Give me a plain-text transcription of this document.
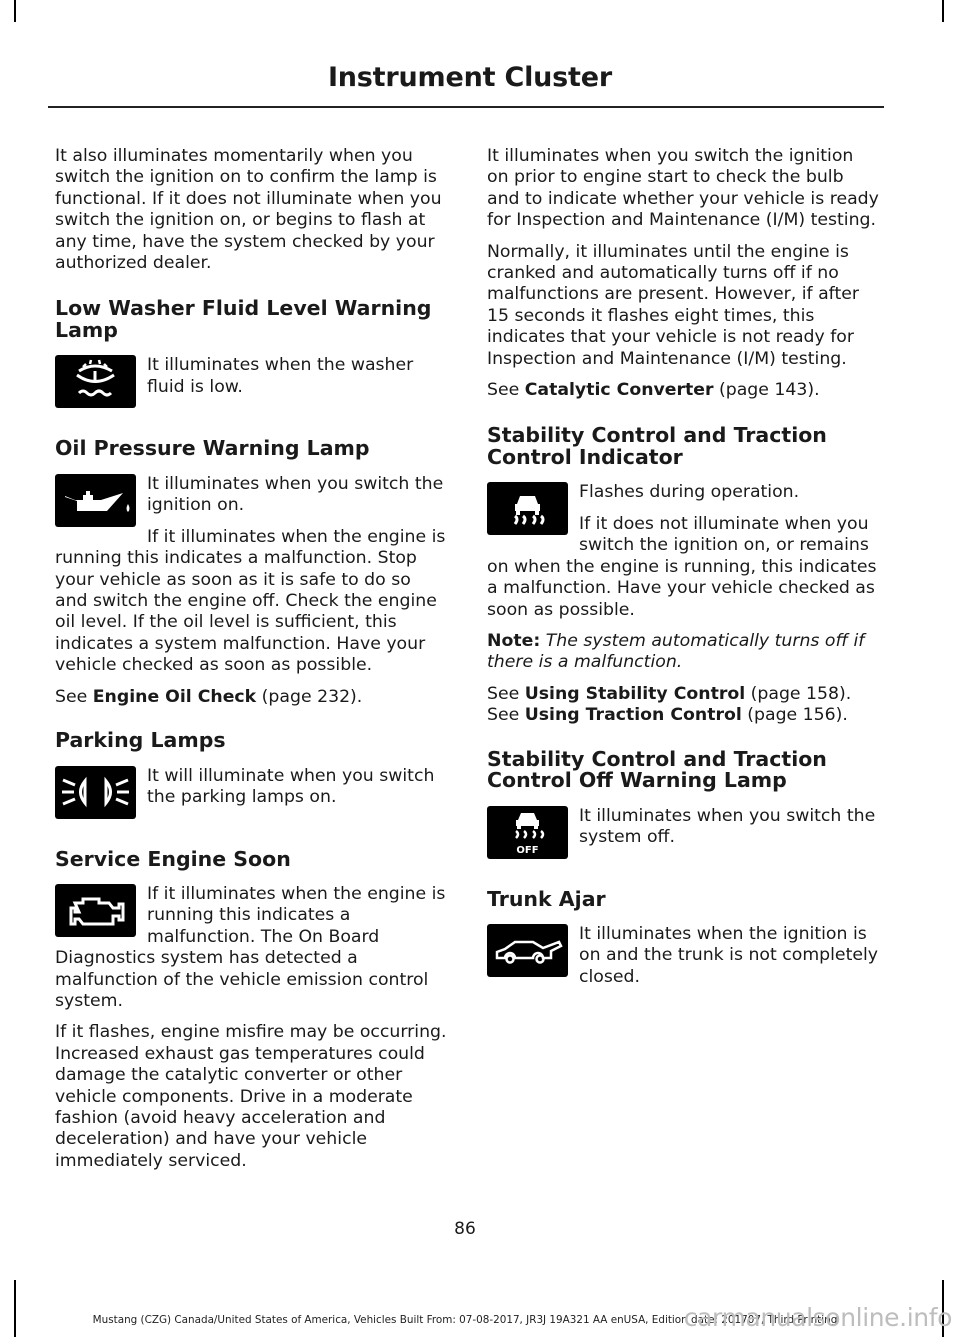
Instrument Cluster

It also illuminates momentarily when you switch the ignition on to confirm the lamp is functional. If it does not illuminate when you switch the ignition on, or begins to flash at any time, have the system checked by your authorized dealer.

Low Washer Fluid Level Warning Lamp

It illuminates when the washer fluid is low.

Oil Pressure Warning Lamp

It illuminates when you switch the ignition on.

If it illuminates when the engine is running this indicates a malfunction. Stop your vehicle as soon as it is safe to do so and switch the engine off. Check the engine oil level. If the oil level is sufficient, this indicates a system malfunction. Have your vehicle checked as soon as possible.

See Engine Oil Check (page 232).

Parking Lamps

It will illuminate when you switch the parking lamps on.

Service Engine Soon

If it illuminates when the engine is running this indicates a malfunction. The On Board Diagnostics system has detected a malfunction of the vehicle emission control system.

If it flashes, engine misfire may be occurring. Increased exhaust gas temperatures could damage the catalytic converter or other vehicle components. Drive in a moderate fashion (avoid heavy acceleration and deceleration) and have your vehicle immediately serviced.

It illuminates when you switch the ignition on prior to engine start to check the bulb and to indicate whether your vehicle is ready for Inspection and Maintenance (I/M) testing.

Normally, it illuminates until the engine is cranked and automatically turns off if no malfunctions are present. However, if after 15 seconds it flashes eight times, this indicates that your vehicle is not ready for Inspection and Maintenance (I/M) testing.

See Catalytic Converter (page 143).

Stability Control and Traction Control Indicator

Flashes during operation.

If it does not illuminate when you switch the ignition on, or remains on when the engine is running, this indicates a malfunction. Have your vehicle checked as soon as possible.

Note: The system automatically turns off if there is a malfunction.

See Using Stability Control (page 158).
See Using Traction Control (page 156).

Stability Control and Traction Control Off Warning Lamp
OFF

It illuminates when you switch the system off.

Trunk Ajar

It illuminates when the ignition is on and the trunk is not completely closed.

86
Mustang (CZG) Canada/United States of America, Vehicles Built From: 07-08-2017, JR3J 19A321 AA enUSA, Edition date: 201707, Third Printing
carmanualsonline.info
